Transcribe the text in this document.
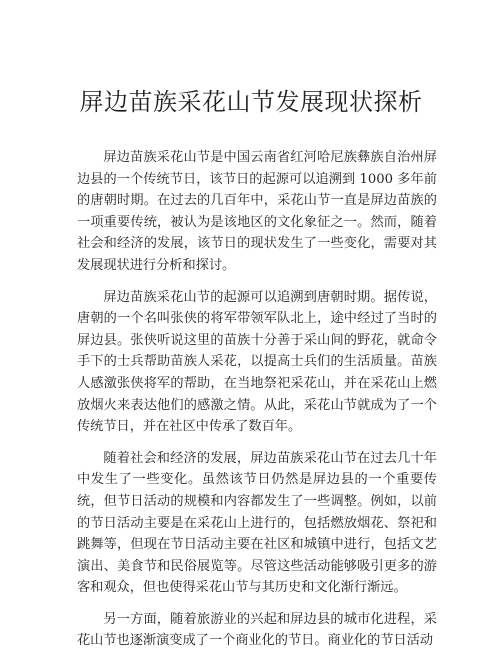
屏边苗族采花山节发展现状探析

屏边苗族采花山节是中国云南省红河哈尼族彝族自治州屏边县的一个传统节日，该节日的起源可以追溯到 1000 多年前的唐朝时期。在过去的几百年中，采花山节一直是屏边苗族的一项重要传统，被认为是该地区的文化象征之一。然而，随着社会和经济的发展，该节日的现状发生了一些变化，需要对其发展现状进行分析和探讨。

屏边苗族采花山节的起源可以追溯到唐朝时期。据传说，唐朝的一个名叫张侠的将军带领军队北上，途中经过了当时的屏边县。张侠听说这里的苗族十分善于采山间的野花，就命令手下的士兵帮助苗族人采花，以提高士兵们的生活质量。苗族人感激张侠将军的帮助，在当地祭祀采花山，并在采花山上燃放烟火来表达他们的感激之情。从此，采花山节就成为了一个传统节日，并在社区中传承了数百年。

随着社会和经济的发展，屏边苗族采花山节在过去几十年中发生了一些变化。虽然该节日仍然是屏边县的一个重要传统，但节日活动的规模和内容都发生了一些调整。例如，以前的节日活动主要是在采花山上进行的，包括燃放烟花、祭祀和跳舞等，但现在节日活动主要在社区和城镇中进行，包括文艺演出、美食节和民俗展览等。尽管这些活动能够吸引更多的游客和观众，但也使得采花山节与其历史和文化渐行渐远。

另一方面，随着旅游业的兴起和屏边县的城市化进程，采花山节也逐渐演变成了一个商业化的节日。商业化的节日活动
